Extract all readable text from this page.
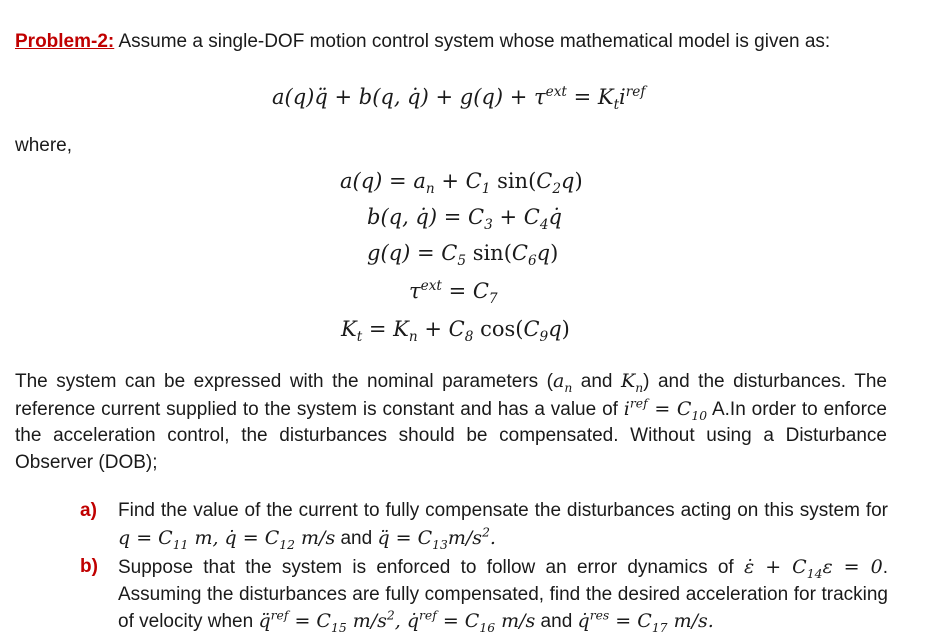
Problem-2: Assume a single-DOF motion control system whose mathematical model is given as:
a(q)q̈ + b(q, q̇) + $g(q) + \tau^{ext} = K_ti^{ref}$
where,
$a(q) = a_n + C_1$ $\sin(C_2q)$
b(q, q̇) = $C_3$ + $C_4q̇$
$g(q) = C_5$ $\sin(C_6q)$
$\tau^{ext} = C_7$
$K_t = K_n + C_8$ $\cos(C_9q)$
The system can be expressed with the nominal parameters ($a_n$ and $K_n$) and the disturbances. The reference current supplied to the system is constant and has a value of $i^{ref} = C_{10}$ A.In order to enforce the acceleration control, the disturbances should be compensated. Without using a Disturbance Observer (DOB);
a) Find the value of the current to fully compensate the disturbances acting on this system for $q = C_{11}$ m, q̇ = $C_{12}$ m/s and q̈ = $C_{13}m/s^2$.
b) Suppose that the system is enforced to follow an error dynamics of ε̇ + $C_{14}\varepsilon = 0$. Assuming the disturbances are fully compensated, find the desired acceleration for tracking of velocity when q̈$^{ref}$ = $C_{15}$ $m/s^2$, q̇$^{ref}$ = $C_{16}$ m/s and q̇$^{res}$ = $C_{17}$ m/s.
